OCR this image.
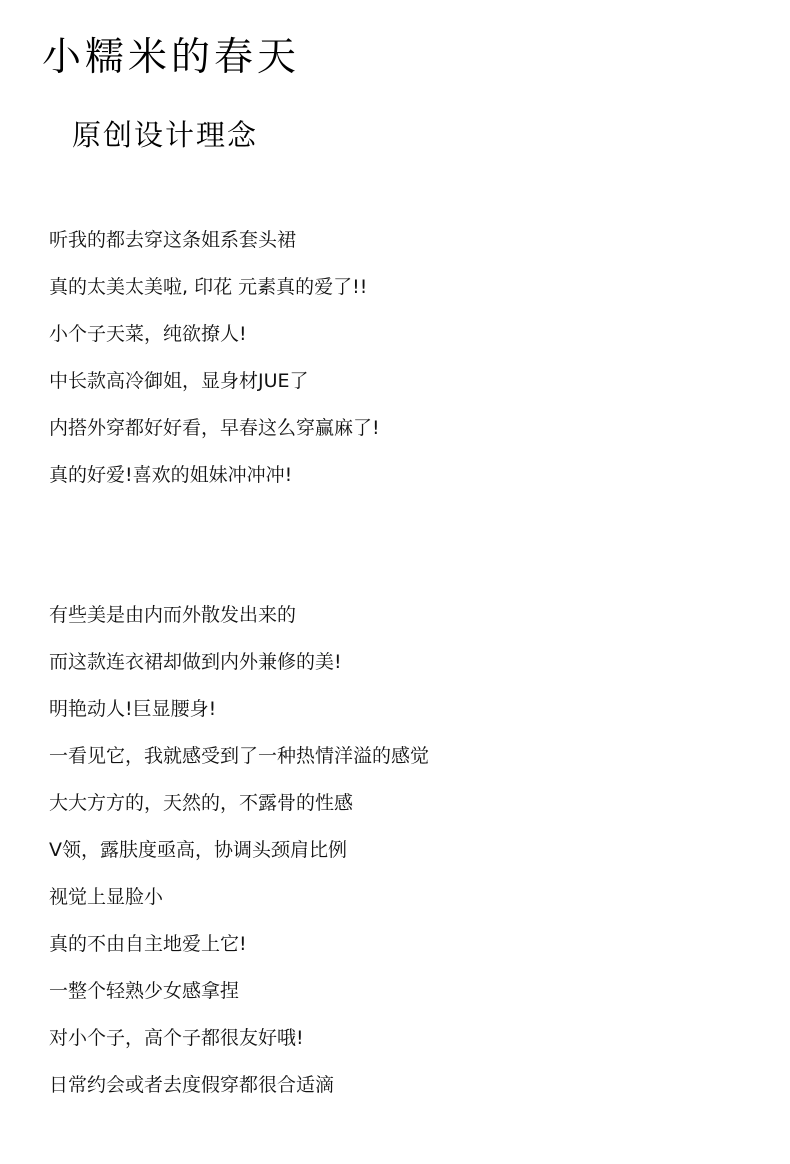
小糯米的春天
原创设计理念
听我的都去穿这条姐系套头裙
真的太美太美啦, 印花 元素真的爱了!!
小个子天菜，纯欲撩人!
中长款高冷御姐，显身材JUE了
内搭外穿都好好看，早春这么穿赢麻了!
真的好爱!喜欢的姐妹冲冲冲!
有些美是由内而外散发出来的
而这款连衣裙却做到内外兼修的美!
明艳动人!巨显腰身!
一看见它，我就感受到了一种热情洋溢的感觉
大大方方的，天然的，不露骨的性感
V领，露肤度亟高，协调头颈肩比例
视觉上显脸小
真的不由自主地爱上它!
一整个轻熟少女感拿捏
对小个子，高个子都很友好哦!
日常约会或者去度假穿都很合适滴
